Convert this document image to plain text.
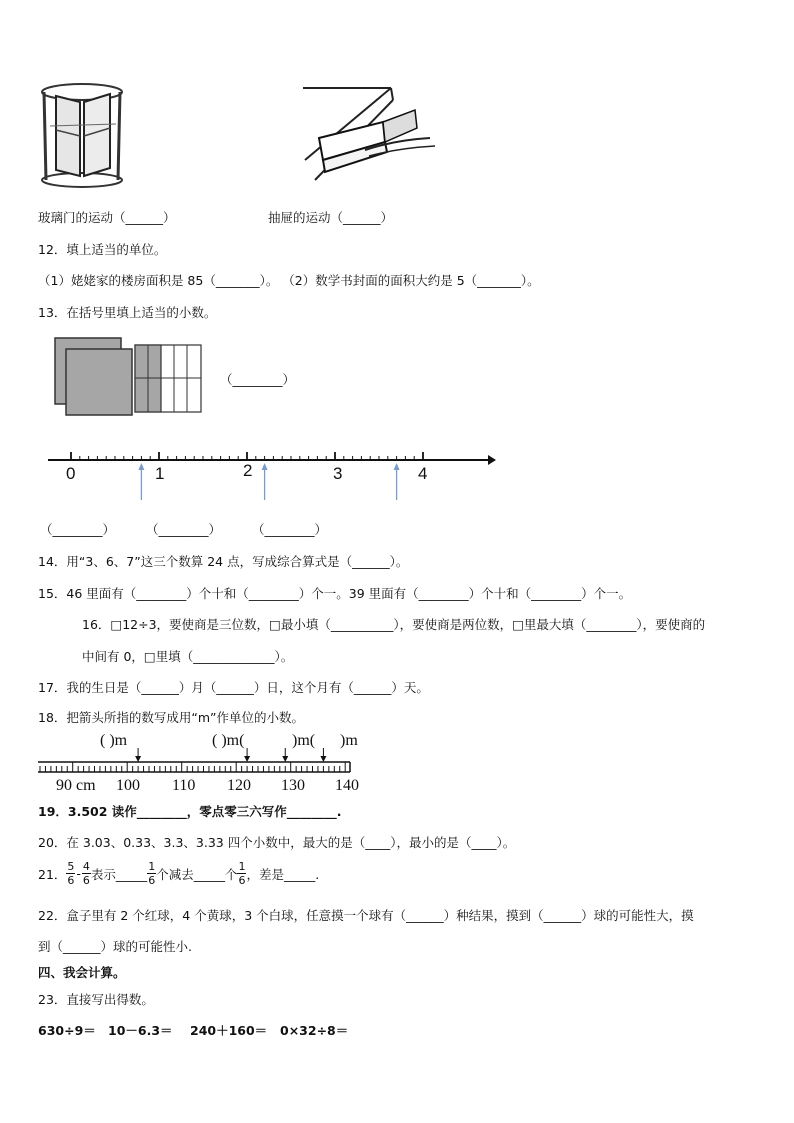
玻璃门的运动（______）	抽屉的运动（______）
12．填上适当的单位。
（1）姥姥家的楼房面积是 85（_______）。 （2）数学书封面的面积大约是 5（_______）。
13．在括号里填上适当的小数。
（________）
0	1	2	3	4
（________） （________） （________）
14．用“3、6、7”这三个数算 24 点，写成综合算式是（______）。
15．46 里面有（________）个十和（________）个一。39 里面有（________）个十和（________）个一。
16．□12÷3，要使商是三位数，□最小填（__________），要使商是两位数，□里最大填（________），要使商的
中间有 0，□里填（_____________）。
17．我的生日是（______）月（______）日，这个月有（______）天。
18．把箭头所指的数写成用“m”作单位的小数。
( )m	( )m(	)m( )m
90 cm 100 110 120 130 140
19．3.502 读作________，零点零三六写作________.
20．在 3.03、0.33、3.3、3.33 四个小数中，最大的是（____），最小的是（____）。
21． $\frac{5}{6} - \frac{4}{6}$ 表示_____ $\frac{1}{6}$ 个减去_____个 $\frac{1}{6}$ ，差是_____.
22．盒子里有 2 个红球，4 个黄球，3 个白球，任意摸一个球有（______）种结果，摸到（______）球的可能性大，摸
到（______）球的可能性小.
四、我会计算。
23．直接写出得数。
630÷9＝ 10－6.3＝ 240＋160＝ 0×32÷8＝
